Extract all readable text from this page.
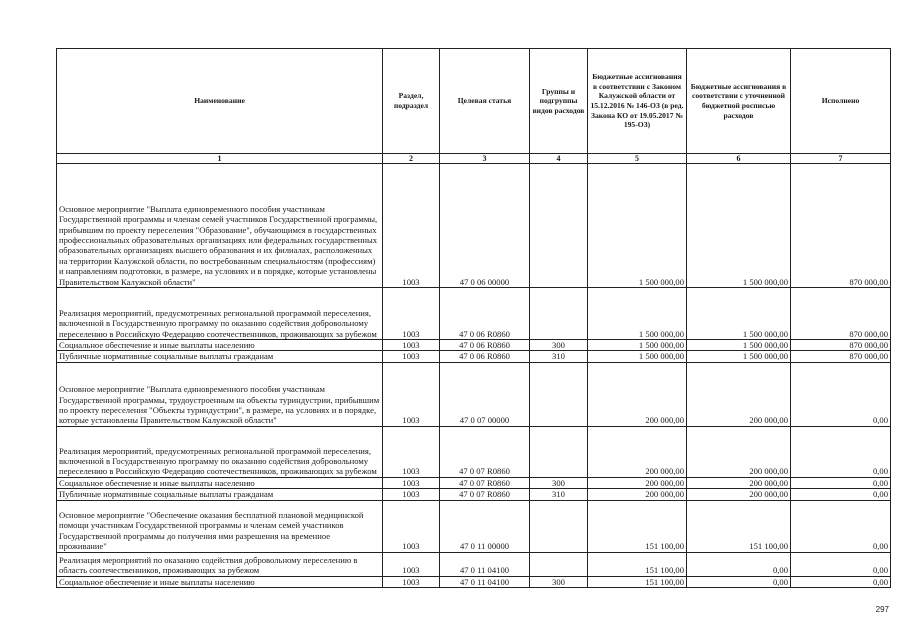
Наименование	Раздел, подраздел	Целевая статья	Группы и подгруппы видов расходов	Бюджетные ассигнования в соответствии с Законом Калужской области от 15.12.2016 № 146-ОЗ (в ред. Закона КО от 19.05.2017 № 195-ОЗ)	Бюджетные ассигнования в соответствии с уточненной бюджетной росписью расходов	Исполнено
1	2	3	4	5	6	7
Основное мероприятие "Выплата единовременного пособия участникам Государственной программы и членам семей участников Государственной программы, прибывшим по проекту переселения "Образование", обучающимся в государственных профессиональных образовательных организациях или федеральных государственных образовательных организациях высшего образования и их филиалах, расположенных на территории Калужской области, по востребованным специальностям (профессиям) и направлениям подготовки, в размере, на условиях и в порядке, которые установлены Правительством Калужской области"	1003	47 0 06 00000		1 500 000,00	1 500 000,00	870 000,00
Реализация мероприятий, предусмотренных региональной программой переселения, включенной в Государственную программу по оказанию содействия добровольному переселению в Российскую Федерацию соотечественников, проживающих за рубежом	1003	47 0 06 R0860		1 500 000,00	1 500 000,00	870 000,00
Социальное обеспечение и иные выплаты населению	1003	47 0 06 R0860	300	1 500 000,00	1 500 000,00	870 000,00
Публичные нормативные социальные выплаты гражданам	1003	47 0 06 R0860	310	1 500 000,00	1 500 000,00	870 000,00
Основное мероприятие "Выплата единовременного пособия участникам Государственной программы, трудоустроенным на объекты туриндустрии, прибывшим по проекту переселения "Объекты туриндустрии", в размере, на условиях и в порядке, которые установлены Правительством Калужской области"	1003	47 0 07 00000		200 000,00	200 000,00	0,00
Реализация мероприятий, предусмотренных региональной программой переселения, включенной в Государственную программу по оказанию содействия добровольному переселению в Российскую Федерацию соотечественников, проживающих за рубежом	1003	47 0 07 R0860		200 000,00	200 000,00	0,00
Социальное обеспечение и иные выплаты населению	1003	47 0 07 R0860	300	200 000,00	200 000,00	0,00
Публичные нормативные социальные выплаты гражданам	1003	47 0 07 R0860	310	200 000,00	200 000,00	0,00
Основное мероприятие "Обеспечение оказания бесплатной плановой медицинской помощи участникам Государственной программы и членам семей участников Государственной программы до получения ими разрешения на временное проживание"	1003	47 0 11 00000		151 100,00	151 100,00	0,00
Реализация мероприятий по оказанию содействия добровольному переселению в область соотечественников, проживающих за рубежом	1003	47 0 11 04100		151 100,00	0,00	0,00
Социальное обеспечение и иные выплаты населению	1003	47 0 11 04100	300	151 100,00	0,00	0,00
297
